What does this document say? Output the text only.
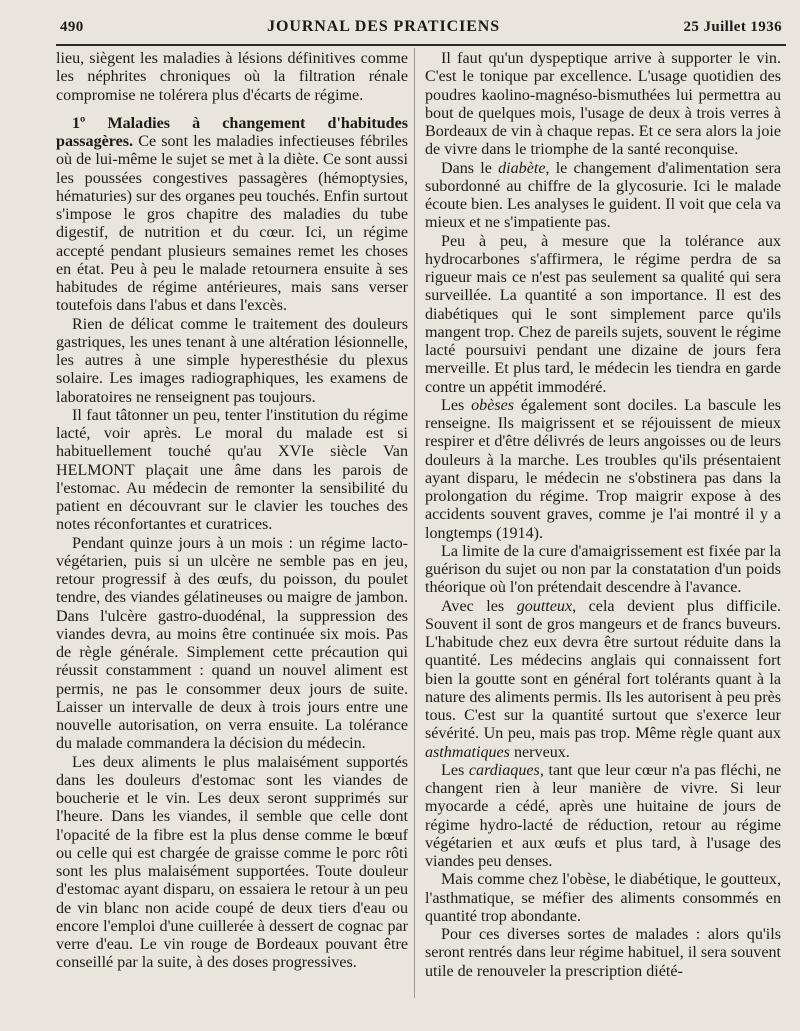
490	JOURNAL DES PRATICIENS	25 Juillet 1936

lieu, siègent les maladies à lésions définitives comme les néphrites chroniques où la filtration rénale compromise ne tolérera plus d'écarts de régime.

1º Maladies à changement d'habitudes passagères. Ce sont les maladies infectieuses fébriles où de lui-même le sujet se met à la diète. Ce sont aussi les poussées congestives passagères (hémoptysies, hématuries) sur des organes peu touchés. Enfin surtout s'impose le gros chapitre des maladies du tube digestif, de nutrition et du cœur. Ici, un régime accepté pendant plusieurs semaines remet les choses en état. Peu à peu le malade retournera ensuite à ses habitudes de régime antérieures, mais sans verser toutefois dans l'abus et dans l'excès.

Rien de délicat comme le traitement des douleurs gastriques, les unes tenant à une altération lésionnelle, les autres à une simple hyperesthésie du plexus solaire. Les images radiographiques, les examens de laboratoires ne renseignent pas toujours.

Il faut tâtonner un peu, tenter l'institution du régime lacté, voir après. Le moral du malade est si habituellement touché qu'au XVIe siècle Van HELMONT plaçait une âme dans les parois de l'estomac. Au médecin de remonter la sensibilité du patient en découvrant sur le clavier les touches des notes réconfortantes et curatrices.

Pendant quinze jours à un mois : un régime lacto-végétarien, puis si un ulcère ne semble pas en jeu, retour progressif à des œufs, du poisson, du poulet tendre, des viandes gélatineuses ou maigre de jambon. Dans l'ulcère gastro-duodénal, la suppression des viandes devra, au moins être continuée six mois. Pas de règle générale. Simplement cette précaution qui réussit constamment : quand un nouvel aliment est permis, ne pas le consommer deux jours de suite. Laisser un intervalle de deux à trois jours entre une nouvelle autorisation, on verra ensuite. La tolérance du malade commandera la décision du médecin.

Les deux aliments le plus malaisément supportés dans les douleurs d'estomac sont les viandes de boucherie et le vin. Les deux seront supprimés sur l'heure. Dans les viandes, il semble que celle dont l'opacité de la fibre est la plus dense comme le bœuf ou celle qui est chargée de graisse comme le porc rôti sont les plus malaisément supportées. Toute douleur d'estomac ayant disparu, on essaiera le retour à un peu de vin blanc non acide coupé de deux tiers d'eau ou encore l'emploi d'une cuillerée à dessert de cognac par verre d'eau. Le vin rouge de Bordeaux pouvant être conseillé par la suite, à des doses progressives.

Il faut qu'un dyspeptique arrive à supporter le vin. C'est le tonique par excellence. L'usage quotidien des poudres kaolino-magnéso-bismuthées lui permettra au bout de quelques mois, l'usage de deux à trois verres à Bordeaux de vin à chaque repas. Et ce sera alors la joie de vivre dans le triomphe de la santé reconquise.

Dans le diabète, le changement d'alimentation sera subordonné au chiffre de la glycosurie. Ici le malade écoute bien. Les analyses le guident. Il voit que cela va mieux et ne s'impatiente pas.

Peu à peu, à mesure que la tolérance aux hydrocarbones s'affirmera, le régime perdra de sa rigueur mais ce n'est pas seulement sa qualité qui sera surveillée. La quantité a son importance. Il est des diabétiques qui le sont simplement parce qu'ils mangent trop. Chez de pareils sujets, souvent le régime lacté poursuivi pendant une dizaine de jours fera merveille. Et plus tard, le médecin les tiendra en garde contre un appétit immodéré.

Les obèses également sont dociles. La bascule les renseigne. Ils maigrissent et se réjouissent de mieux respirer et d'être délivrés de leurs angoisses ou de leurs douleurs à la marche. Les troubles qu'ils présentaient ayant disparu, le médecin ne s'obstinera pas dans la prolongation du régime. Trop maigrir expose à des accidents souvent graves, comme je l'ai montré il y a longtemps (1914).

La limite de la cure d'amaigrissement est fixée par la guérison du sujet ou non par la constatation d'un poids théorique où l'on prétendait descendre à l'avance.

Avec les goutteux, cela devient plus difficile. Souvent il sont de gros mangeurs et de francs buveurs. L'habitude chez eux devra être surtout réduite dans la quantité. Les médecins anglais qui connaissent fort bien la goutte sont en général fort tolérants quant à la nature des aliments permis. Ils les autorisent à peu près tous. C'est sur la quantité surtout que s'exerce leur sévérité. Un peu, mais pas trop. Même règle quant aux asthmatiques nerveux.

Les cardiaques, tant que leur cœur n'a pas fléchi, ne changent rien à leur manière de vivre. Si leur myocarde a cédé, après une huitaine de jours de régime hydro-lacté de réduction, retour au régime végétarien et aux œufs et plus tard, à l'usage des viandes peu denses.

Mais comme chez l'obèse, le diabétique, le goutteux, l'asthmatique, se méfier des aliments consommés en quantité trop abondante.

Pour ces diverses sortes de malades : alors qu'ils seront rentrés dans leur régime habituel, il sera souvent utile de renouveler la prescription diété-
